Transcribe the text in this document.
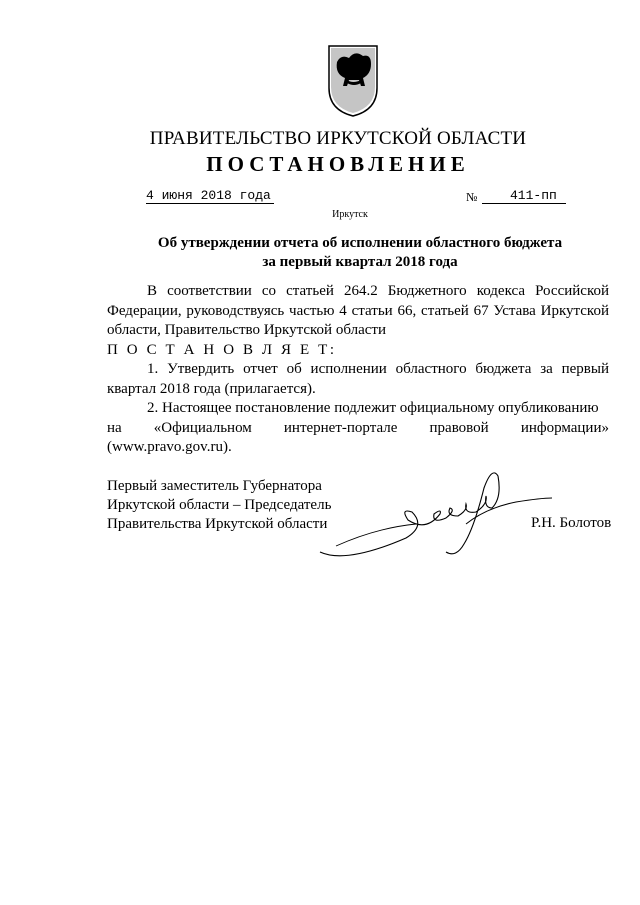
ПРАВИТЕЛЬСТВО ИРКУТСКОЙ ОБЛАСТИ
ПОСТАНОВЛЕНИЕ
4 июня 2018 года	№	411-пп
Иркутск
Об утверждении отчета об исполнении областного бюджета
за первый квартал 2018 года

В соответствии со статьей 264.2 Бюджетного кодекса Российской Федерации, руководствуясь частью 4 статьи 66, статьей 67 Устава Иркутской области, Правительство Иркутской области

П О С Т А Н О В Л Я Е Т:

1. Утвердить отчет об исполнении областного бюджета за первый квартал 2018 года (прилагается).

2. Настоящее постановление подлежит официальному опубликованию

на «Официальном интернет-портале правовой информации»

(www.pravo.gov.ru).

Первый заместитель Губернатора
Иркутской области – Председатель
Правительства Иркутской области	Р.Н. Болотов
